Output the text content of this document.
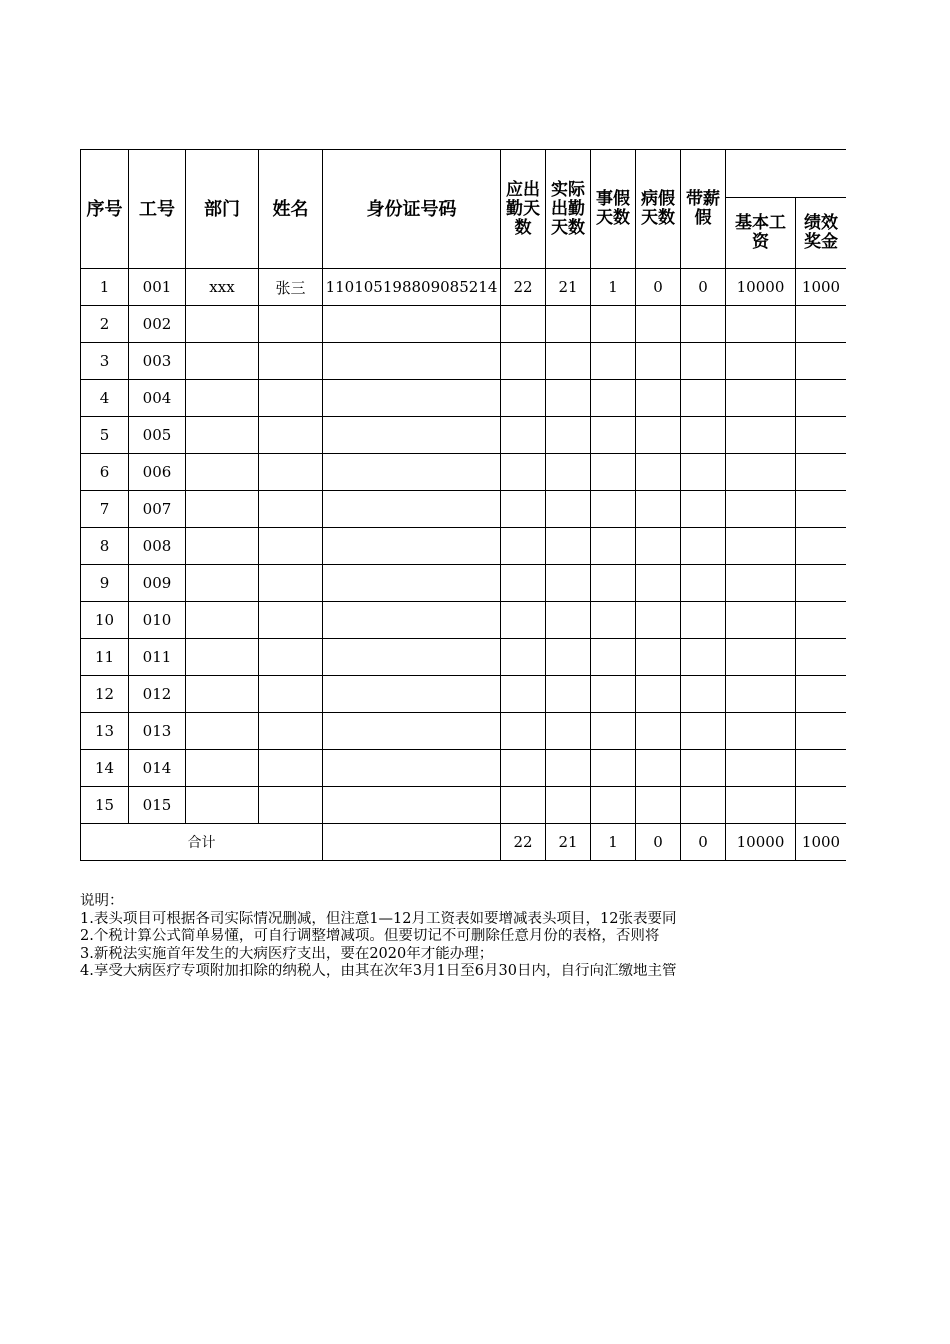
序号	工号	部门	姓名	身份证号码	应出勤天数	实际出勤天数	事假天数	病假天数	带薪假			
										基本工资	绩效奖金	
1	001	xxx	张三	110105198809085214	22	21	1	0	0	10000	1000	
2	002											
3	003											
4	004											
5	005											
6	006											
7	007											
8	008											
9	009											
10	010											
11	011											
12	012											
13	013											
14	014											
15	015											
合计					22	21	1	0	0	10000	1000	
说明：
1.表头项目可根据各司实际情况删减，但注意1—12月工资表如要增减表头项目，12张表要同
2.个税计算公式简单易懂，可自行调整增减项。但要切记不可删除任意月份的表格，否则将
3.新税法实施首年发生的大病医疗支出，要在2020年才能办理；
4.享受大病医疗专项附加扣除的纳税人，由其在次年3月1日至6月30日内，自行向汇缴地主管
